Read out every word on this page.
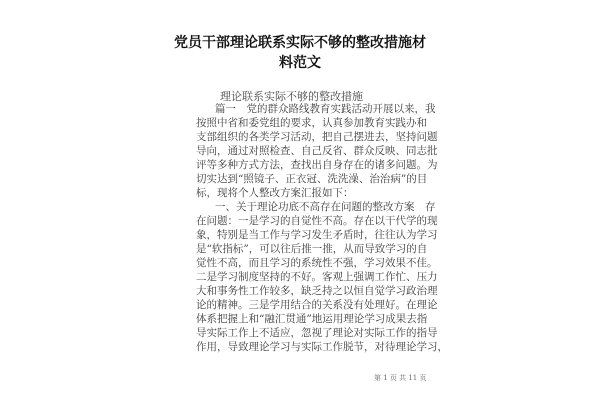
党员干部理论联系实际不够的整改措施材
料范文
理论联系实际不够的整改措施
篇一　党的群众路线教育实践活动开展以来，我
按照中省和委党组的要求，认真参加教育实践办和
支部组织的各类学习活动，把自己摆进去，坚持问题
导向，通过对照检查、自己反省、群众反映、同志批
评等多种方式方法，查找出自身存在的诸多问题。为
切实达到“照镜子、正衣冠、洗洗澡、治治病”的目
标，现将个人整改方案汇报如下：
一、关于理论功底不高存在问题的整改方案　存
在问题：一是学习的自觉性不高。存在以干代学的现
象，特别是当工作与学习发生矛盾时，往往认为学习
是“软指标”，可以往后推一推，从而导致学习的自
觉性不高，而且学习的系统性不强，学习效果不佳。
二是学习制度坚持的不好。客观上强调工作忙、压力
大和事务性工作较多，缺乏持之以恒自觉学习政治理
论的精神。三是学用结合的关系没有处理好。在理论
体系把握上和“融汇贯通”地运用理论学习成果去指
导实际工作上不适应，忽视了理论对实际工作的指导
作用，导致理论学习与实际工作脱节，对待理论学习，
第 1 页 共 11 页
